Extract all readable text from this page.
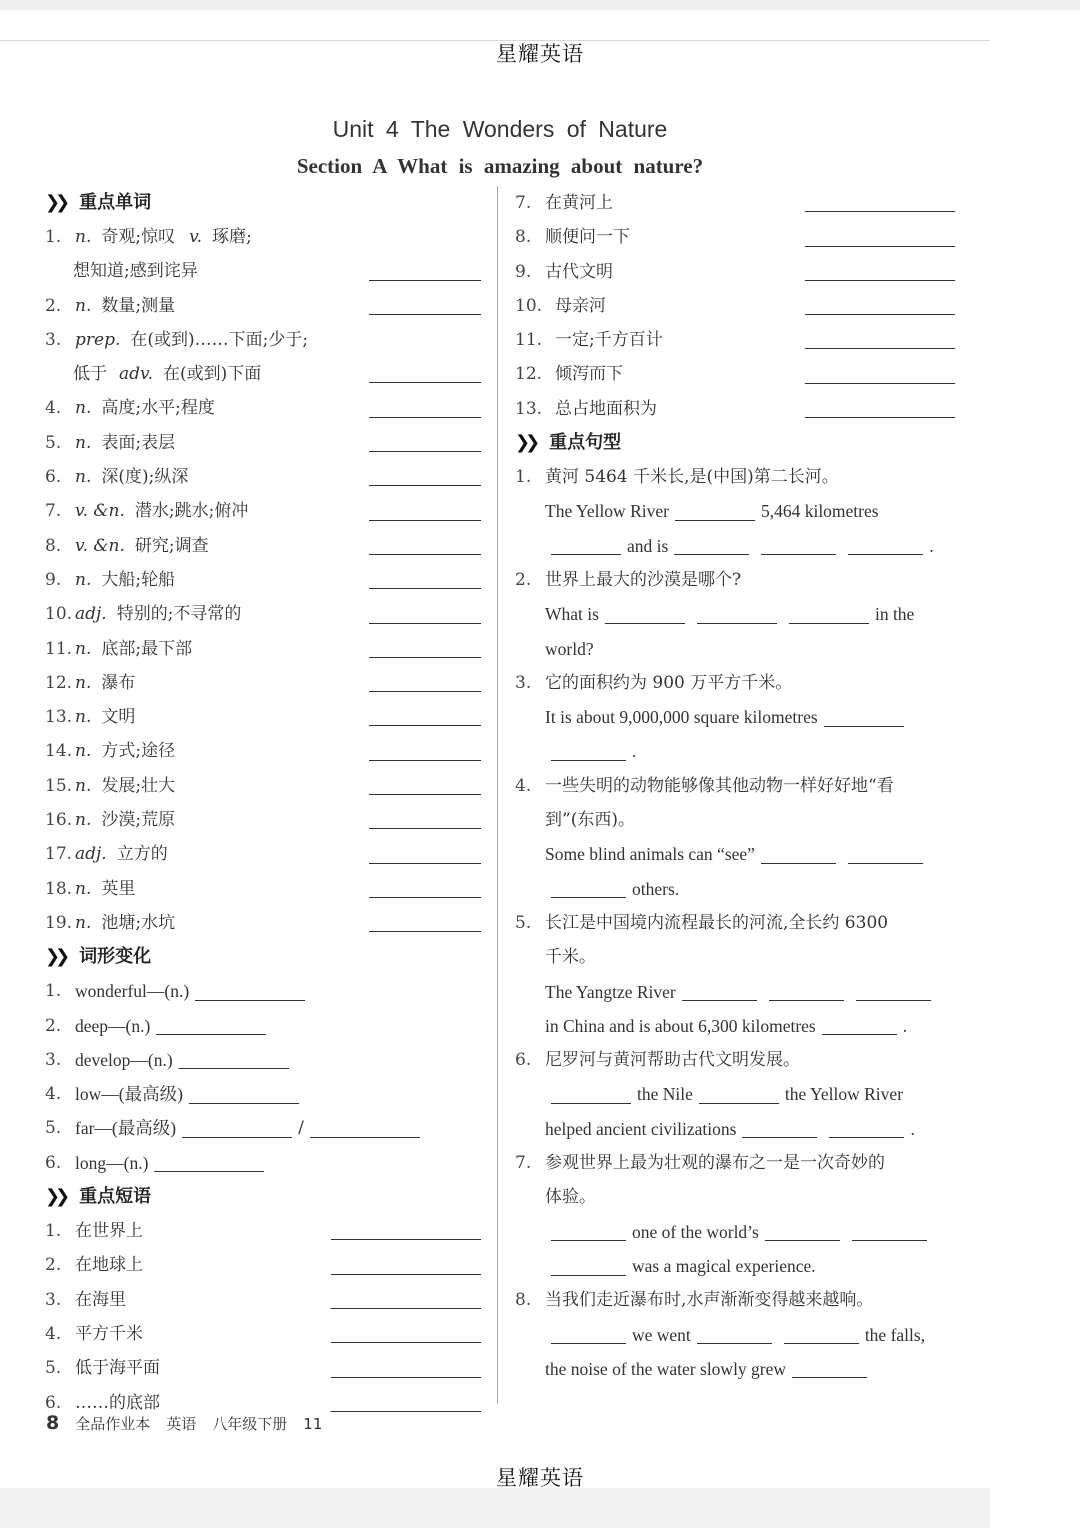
星耀英语
Unit 4 The Wonders of Nature
Section A What is amazing about nature?
❯❯ 重点单词
1. n. 奇观;惊叹 v. 琢磨;
想知道;感到诧异
2. n. 数量;测量
3. prep. 在(或到)……下面;少于;
低于 adv. 在(或到)下面
4. n. 高度;水平;程度
5. n. 表面;表层
6. n. 深(度);纵深
7. v. &n. 潜水;跳水;俯冲
8. v. &n. 研究;调查
9. n. 大船;轮船
10. adj. 特别的;不寻常的
11. n. 底部;最下部
12. n. 瀑布
13. n. 文明
14. n. 方式;途径
15. n. 发展;壮大
16. n. 沙漠;荒原
17. adj. 立方的
18. n. 英里
19. n. 池塘;水坑
❯❯ 词形变化
1. wonderful—(n.)
2. deep—(n.)
3. develop—(n.)
4. low—(最高级)
5. far—(最高级)	/
6. long—(n.)
❯❯ 重点短语
1. 在世界上
2. 在地球上
3. 在海里
4. 平方千米
5. 低于海平面
6. ……的底部
7. 在黄河上
8. 顺便问一下
9. 古代文明
10. 母亲河
11. 一定;千方百计
12. 倾泻而下
13. 总占地面积为
❯❯ 重点句型
1. 黄河 5464 千米长,是(中国)第二长河。
The Yellow River	5,464 kilometres
and is	.
2. 世界上最大的沙漠是哪个?
What is	in the
world?
3. 它的面积约为 900 万平方千米。
It is about 9,000,000 square kilometres
.
4. 一些失明的动物能够像其他动物一样好好地“看
到”(东西)。
Some blind animals can “see”
others.
5. 长江是中国境内流程最长的河流,全长约 6300
千米。
The Yangtze River
in China and is about 6,300 kilometres	.
6. 尼罗河与黄河帮助古代文明发展。
the Nile	the Yellow River
helped ancient civilizations	.
7. 参观世界上最为壮观的瀑布之一是一次奇妙的
体验。
one of the world’s
was a magical experience.
8. 当我们走近瀑布时,水声渐渐变得越来越响。
we went	the falls,
the noise of the water slowly grew
8 全品作业本 英语 八年级下册 11
星耀英语
